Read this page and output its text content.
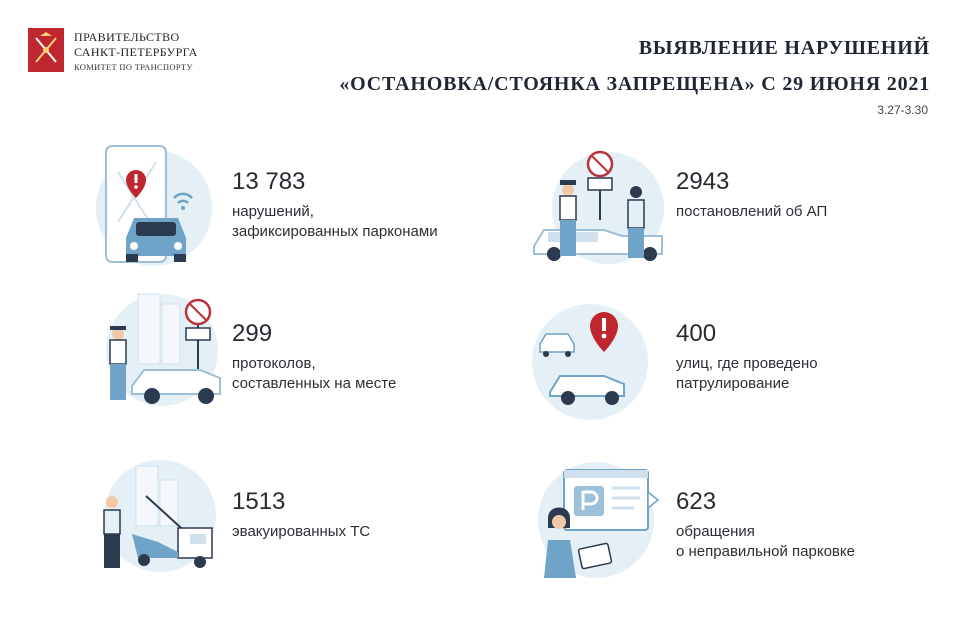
ПРАВИТЕЛЬСТВО
САНКТ-ПЕТЕРБУРГА
КОМИТЕТ ПО ТРАНСПОРТУ
ВЫЯВЛЕНИЕ НАРУШЕНИЙ
«ОСТАНОВКА/СТОЯНКА ЗАПРЕЩЕНА» С 29 ИЮНЯ 2021
3.27-3.30
13 783
нарушений,
зафиксированных парконами
2943
постановлений об АП
299
протоколов,
составленных на месте
400
улиц, где проведено
патрулирование
1513
эвакуированных ТС
623
обращения
о неправильной парковке
